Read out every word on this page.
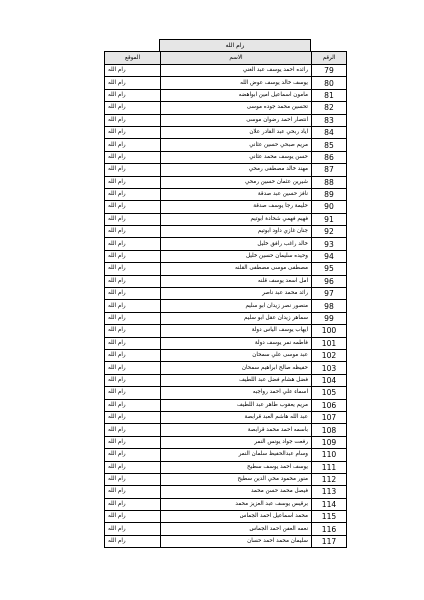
رام الله
الموقع	الاسم	الرقم
رام الله	رائده احمد يوسف عبد الغني	79
رام الله	يوسف خالد يوسف عوض الله	80
رام الله	مامون اسماعيل امين ابواهضه	81
رام الله	تحسين محمد جوده موسى	82
رام الله	انتصار احمد رضوان موسى	83
رام الله	اياد ربحي عبد القادر علان	84
رام الله	مريم صبحي حسين عثاني	85
رام الله	حسن يوسف محمد عثاني	86
رام الله	مهند خالد مصطفى رمحي	87
رام الله	شيرين عثمان حسين رمحي	88
رام الله	نافز حسين عبد صدقة	89
رام الله	حليمة رجا يوسف صدقة	90
رام الله	فهيم فهمي شحادة ابوتيم	91
رام الله	جنان غازي داود ابوتيم	92
رام الله	خالد راغب رافق خليل	93
رام الله	وحيده سليمان حسين خليل	94
رام الله	مصطفى موسى مصطفى القلنه	95
رام الله	امل اسعد يوسف قلنه	96
رام الله	رائد محمد عبد ناصر	97
رام الله	منصور نصر زيدان ابو سليم	98
رام الله	سماهر زيدان عقل ابو سليم	99
رام الله	ايهاب يوسف الياس دولة	100
رام الله	فاطمه نمر يوسف دولة	101
رام الله	عبد موسى علي سمحان	102
رام الله	حفيظه صالح ابراهيم سمحان	103
رام الله	فضل هشام فضل عبد اللطيف	104
رام الله	اسماء علي احمد رواجبه	105
رام الله	مريم يعقوب طاهر عبد اللطيف	106
رام الله	عبد الله هاشم العبد قرابصة	107
رام الله	باسمه احمد محمد قرابصة	108
رام الله	رفعت جواد يونس النمر	109
رام الله	وسام عبدالحفيظ سلمان النمر	110
رام الله	يوسف احمد يوسف سطيح	111
رام الله	منور محمود محي الدين سطيح	112
رام الله	فيصل محمد حسن محمد	113
رام الله	برقيس يوسف عبد العزيز محمد	114
رام الله	محمد اسماعيل احمد الجماس	115
رام الله	نعمه العفن احمد الجماس	116
رام الله	سليمان محمد احمد حسان	117
